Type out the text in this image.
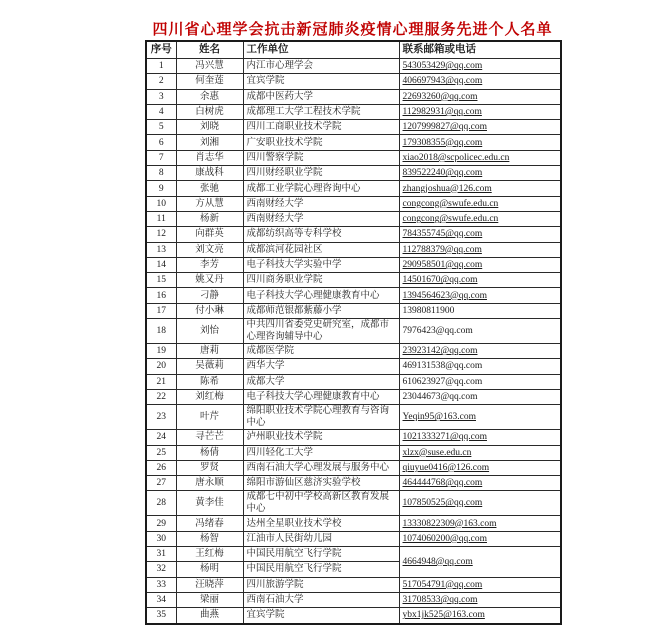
四川省心理学会抗击新冠肺炎疫情心理服务先进个人名单
序号	姓名	工作单位	联系邮箱或电话
1	冯兴慧	内江市心理学会	543053429@qq.com
2	何奎莲	宜宾学院	406697943@qq.com
3	余惠	成都中医药大学	22693260@qq.com
4	白树虎	成都理工大学工程技术学院	112982931@qq.com
5	刘晓	四川工商职业技术学院	1207999827@qq.com
6	刘湘	广安职业技术学院	179308355@qq.com
7	肖志华	四川警察学院	xiao2018@scpolicec.edu.cn
8	康战科	四川财经职业学院	839522240@qq.com
9	张驰	成都工业学院心理咨询中心	zhangjoshua@126.com
10	方从慧	西南财经大学	congcong@swufe.edu.cn
11	杨新	西南财经大学	congcong@swufe.edu.cn
12	向群英	成都纺织高等专科学校	784355745@qq.com
13	刘文亮	成都滨河花园社区	112788379@qq.com
14	李芳	电子科技大学实验中学	290958501@qq.com
15	姚又丹	四川商务职业学院	14501670@qq.com
16	刁静	电子科技大学心理健康教育中心	1394564623@qq.com
17	付小琳	成都师范银都紫藤小学	13980811900
18	刘怡	中共四川省委党史研究室，成都市心理咨询辅导中心	7976423@qq.com
19	唐莉	成都医学院	23923142@qq.com
20	吴薇莉	西华大学	469131538@qq.com
21	陈希	成都大学	610623927@qq.com
22	刘红梅	电子科技大学心理健康教育中心	23044673@qq.com
23	叶芹	绵阳职业技术学院心理教育与咨询中心	Yeqin95@163.com
24	寻芒芒	泸州职业技术学院	1021333271@qq.com
25	杨倩	四川轻化工大学	xlzx@suse.edu.cn
26	罗贤	西南石油大学心理发展与服务中心	qiuyue0416@126.com
27	唐永顺	绵阳市游仙区慈济实验学校	464444768@qq.com
28	黄李佳	成都七中初中学校高新区教育发展中心	107850525@qq.com
29	冯绪春	达州全星职业技术学校	13330822309@163.com
30	杨智	江油市人民街幼儿园	1074060200@qq.com
31	王红梅	中国民用航空飞行学院	4664948@qq.com
32	杨明	中国民用航空飞行学院	
33	汪晓萍	四川旅游学院	517054791@qq.com
34	梁丽	西南石油大学	31708533@qq.com
35	曲燕	宜宾学院	ybx1jk525@163.com
